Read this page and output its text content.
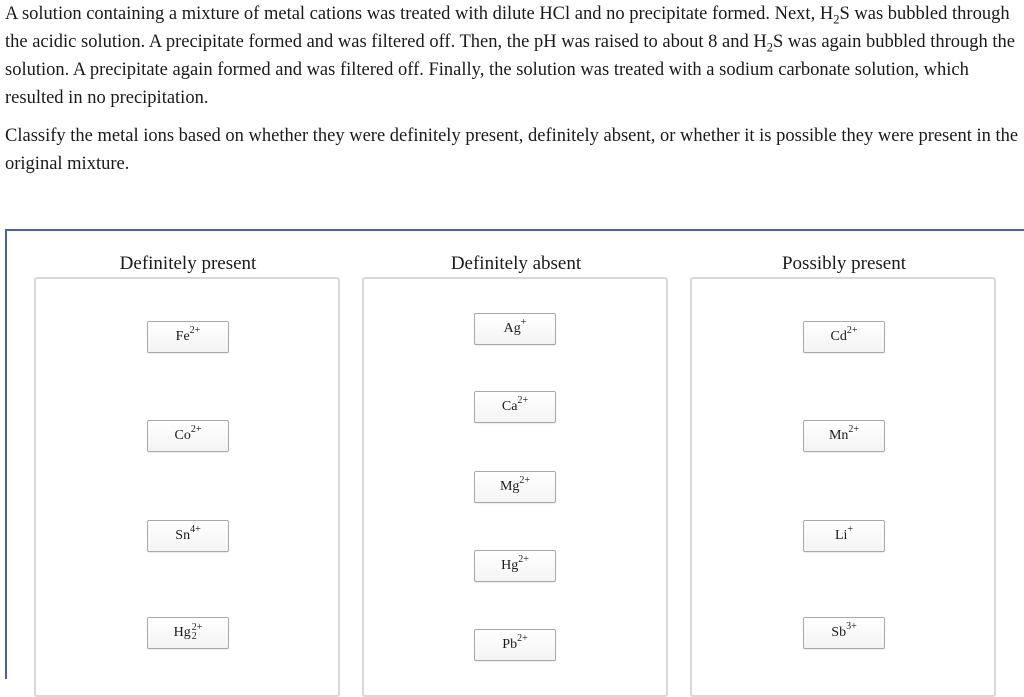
A solution containing a mixture of metal cations was treated with dilute HCl and no precipitate formed. Next, $H_2S$ was bubbled through the acidic solution. A precipitate formed and was filtered off. Then, the pH was raised to about 8 and $H_2S$ was again bubbled through the solution. A precipitate again formed and was filtered off. Finally, the solution was treated with a sodium carbonate solution, which resulted in no precipitation.

Classify the metal ions based on whether they were definitely present, definitely absent, or whether it is possible they were present in the original mixture.

Definitely present
$Fe^{2+}$
$Co^{2+}$
$Sn^{4+}$
Hg 2+
2
Definitely absent
Ag+
$Ca^{2+}$
$Mg^{2+}$
$Hg^{2+}$
$Pb^{2+}$
Possibly present
$Cd^{2+}$
$Mn^{2+}$
Li+
$Sb^{3+}$
